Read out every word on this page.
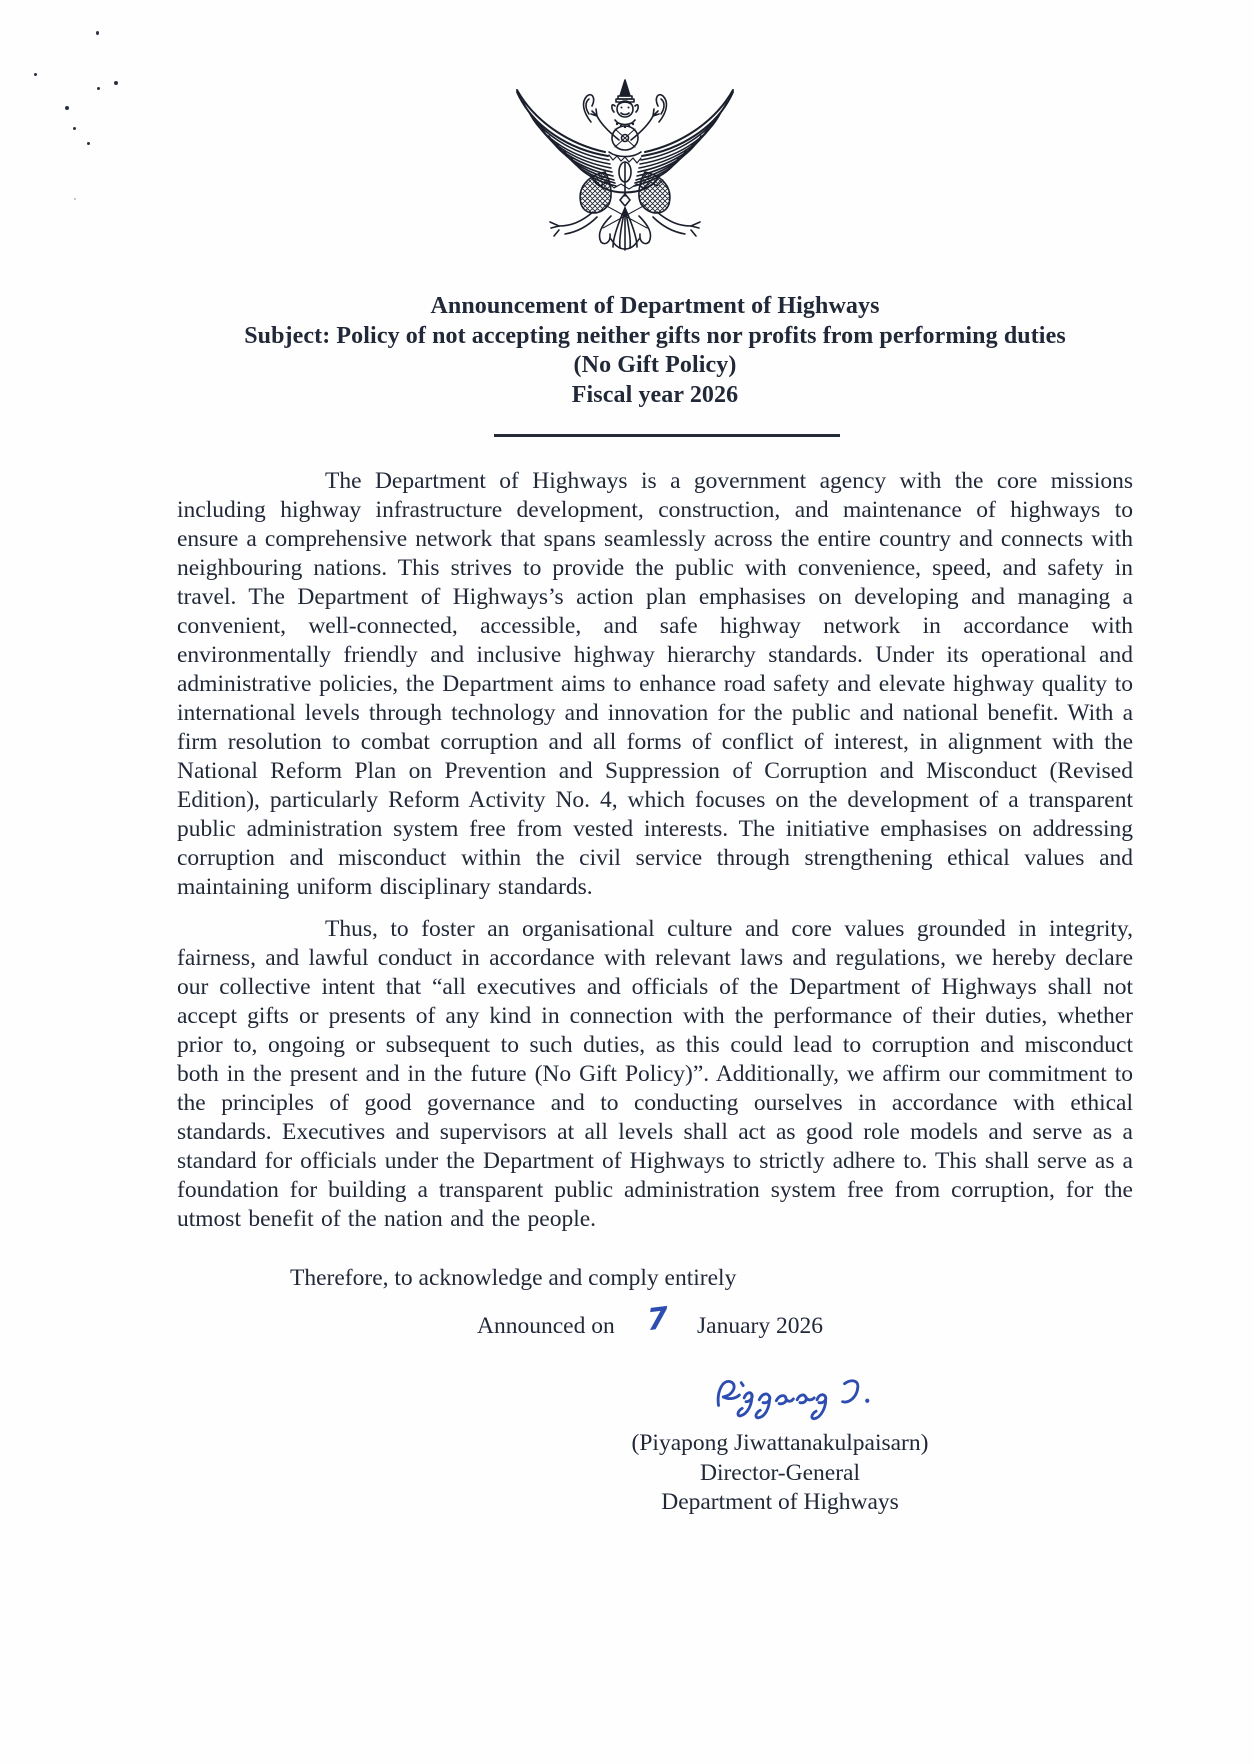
Announcement of Department of Highways
Subject: Policy of not accepting neither gifts nor profits from performing duties
(No Gift Policy)
Fiscal year 2026

The Department of Highways is a government agency with the core missions including highway infrastructure development, construction, and maintenance of highways to ensure a comprehensive network that spans seamlessly across the entire country and connects with neighbouring nations. This strives to provide the public with convenience, speed, and safety in travel. The Department of Highways’s action plan emphasises on developing and managing a convenient, well-connected, accessible, and safe highway network in accordance with environmentally friendly and inclusive highway hierarchy standards. Under its operational and administrative policies, the Department aims to enhance road safety and elevate highway quality to international levels through technology and innovation for the public and national benefit. With a firm resolution to combat corruption and all forms of conflict of interest, in alignment with the National Reform Plan on Prevention and Suppression of Corruption and Misconduct (Revised Edition), particularly Reform Activity No. 4, which focuses on the development of a transparent public administration system free from vested interests. The initiative emphasises on addressing corruption and misconduct within the civil service through strengthening ethical values and maintaining uniform disciplinary standards.

Thus, to foster an organisational culture and core values grounded in integrity, fairness, and lawful conduct in accordance with relevant laws and regulations, we hereby declare our collective intent that “all executives and officials of the Department of Highways shall not accept gifts or presents of any kind in connection with the performance of their duties, whether prior to, ongoing or subsequent to such duties, as this could lead to corruption and misconduct both in the present and in the future (No Gift Policy)”. Additionally, we affirm our commitment to the principles of good governance and to conducting ourselves in accordance with ethical standards. Executives and supervisors at all levels shall act as good role models and serve as a standard for officials under the Department of Highways to strictly adhere to. This shall serve as a foundation for building a transparent public administration system free from corruption, for the utmost benefit of the nation and the people.

Therefore, to acknowledge and comply entirely
Announced on 7 January 2026
(Piyapong Jiwattanakulpaisarn)
Director-General
Department of Highways
